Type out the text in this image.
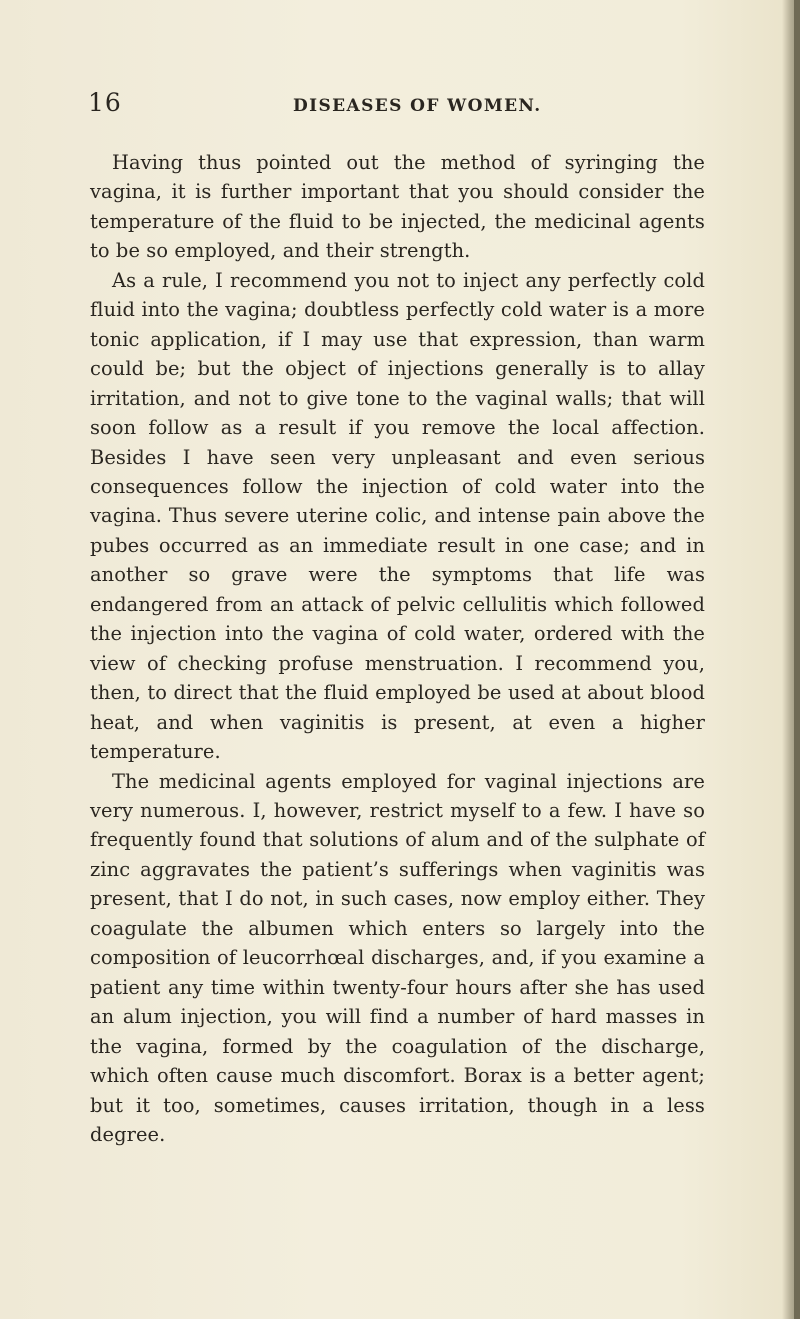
16	DISEASES OF WOMEN.

Having thus pointed out the method of syringing the vagina, it is further important that you should consider the temperature of the fluid to be injected, the medicinal agents to be so employed, and their strength.

As a rule, I recommend you not to inject any perfectly cold fluid into the vagina; doubtless perfectly cold water is a more tonic application, if I may use that expression, than warm could be; but the object of injections generally is to allay irritation, and not to give tone to the vaginal walls; that will soon follow as a result if you remove the local affection. Besides I have seen very unpleasant and even serious consequences follow the injection of cold water into the vagina. Thus severe uterine colic, and intense pain above the pubes occurred as an immediate result in one case; and in another so grave were the symptoms that life was endangered from an attack of pelvic cellulitis which followed the injection into the vagina of cold water, ordered with the view of checking profuse menstruation. I recommend you, then, to direct that the fluid employed be used at about blood heat, and when vaginitis is present, at even a higher temperature.

The medicinal agents employed for vaginal injections are very numerous. I, however, restrict myself to a few. I have so frequently found that solutions of alum and of the sulphate of zinc aggravates the patient’s sufferings when vaginitis was present, that I do not, in such cases, now employ either. They coagulate the albumen which enters so largely into the composition of leucorrhœal discharges, and, if you examine a patient any time within twenty-four hours after she has used an alum injection, you will find a number of hard masses in the vagina, formed by the coagulation of the discharge, which often cause much discomfort. Borax is a better agent; but it too, sometimes, causes irritation, though in a less degree.
